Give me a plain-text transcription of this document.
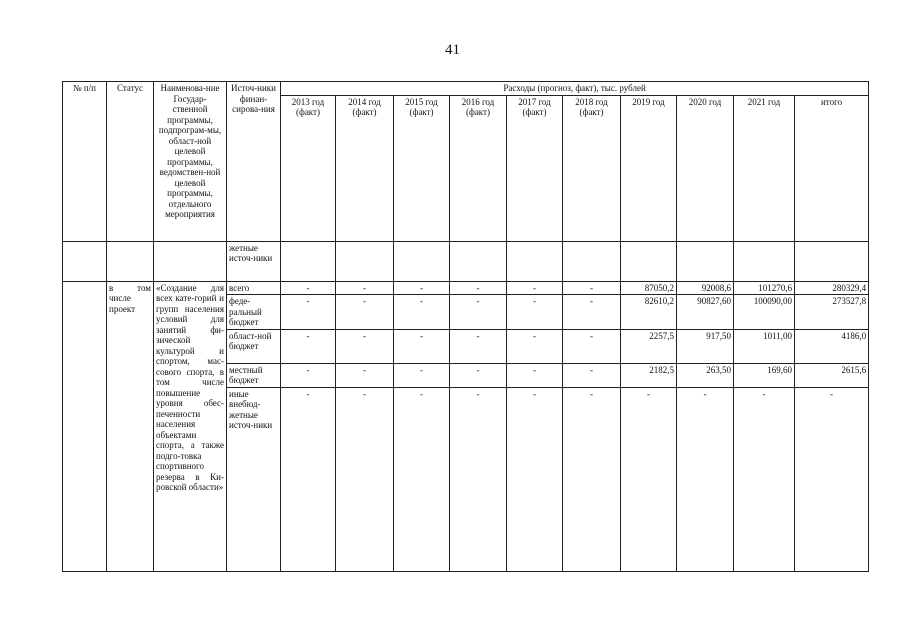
41
№ п/п	Статус	Наименова-ние Государ-ственной программы, подпрограм-мы, област-ной целевой программы, ведомствен-ной целевой программы, отдельного мероприятия	Источ-ники финан-сирова-ния	Расходы (прогноз, факт), тыс. рублей									
				2013 год (факт)	2014 год (факт)	2015 год (факт)	2016 год (факт)	2017 год (факт)	2018 год (факт)	2019 год	2020 год	2021 год	итого
			жетные источ-ники										
	в том числе проект	«Создание для всех кате-горий и групп населения условий для занятий фи-зической культурой и спортом, мас-сового спорта, в том числе повышение уровня обес-печенности населения объектами спорта, а также подго-товка спортивного резерва в Ки-ровской области»	всего	-	-	-	-	-	-	87050,2	92008,6	101270,6	280329,4
			феде-ральный бюджет	-	-	-	-	-	-	82610,2	90827,60	100090,00	273527,8
			област-ной бюджет	-	-	-	-	-	-	2257,5	917,50	1011,00	4186,0
			местный бюджет	-	-	-	-	-	-	2182,5	263,50	169,60	2615,6
			иные внебюд-жетные источ-ники	-	-	-	-	-	-	-	-	-	-
